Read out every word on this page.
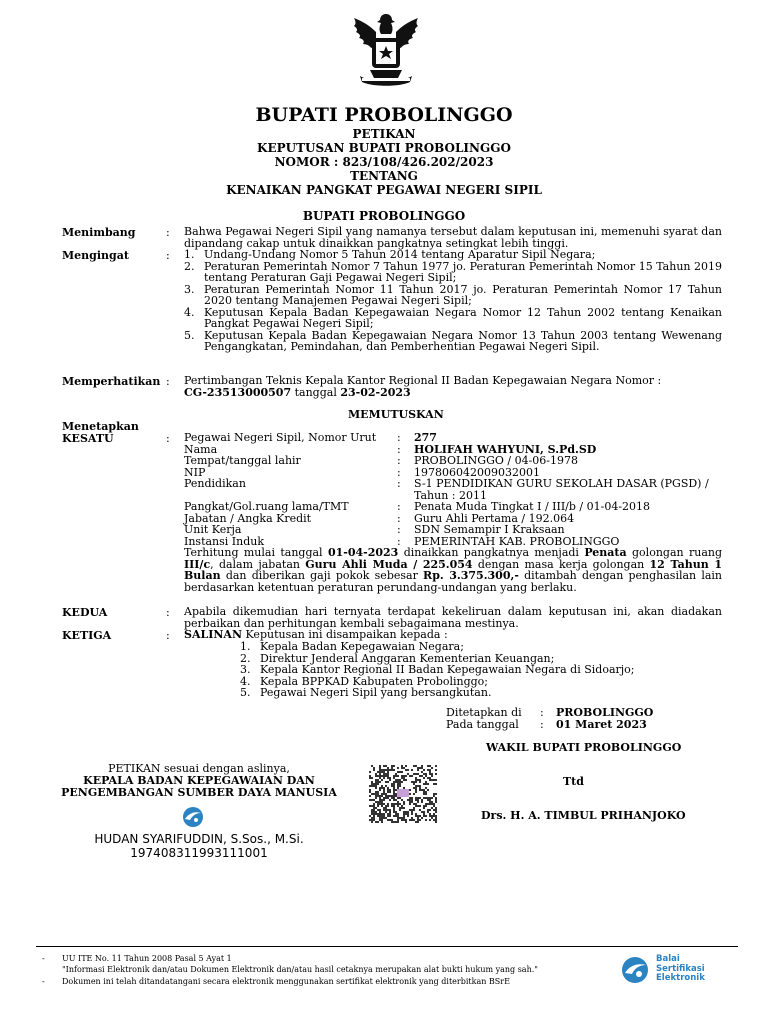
BUPATI PROBOLINGGO
PETIKAN
KEPUTUSAN BUPATI PROBOLINGGO
NOMOR : 823/108/426.202/2023
TENTANG
KENAIKAN PANGKAT PEGAWAI NEGERI SIPIL
BUPATI PROBOLINGGO
Menimbang	: Bahwa Pegawai Negeri Sipil yang namanya tersebut dalam keputusan ini, memenuhi syarat dan dipandang cakap untuk dinaikkan pangkatnya setingkat lebih tinggi.
Mengingat	: 1. Undang-Undang Nomor 5 Tahun 2014 tentang Aparatur Sipil Negara;
2. Peraturan Pemerintah Nomor 7 Tahun 1977 jo. Peraturan Pemerintah Nomor 15 Tahun 2019 tentang Peraturan Gaji Pegawai Negeri Sipil;
3. Peraturan Pemerintah Nomor 11 Tahun 2017 jo. Peraturan Pemerintah Nomor 17 Tahun 2020 tentang Manajemen Pegawai Negeri Sipil;
4. Keputusan Kepala Badan Kepegawaian Negara Nomor 12 Tahun 2002 tentang Kenaikan Pangkat Pegawai Negeri Sipil;
5. Keputusan Kepala Badan Kepegawaian Negara Nomor 13 Tahun 2003 tentang Wewenang Pengangkatan, Pemindahan, dan Pemberhentian Pegawai Negeri Sipil.
Memperhatikan : Pertimbangan Teknis Kepala Kantor Regional II Badan Kepegawaian Negara Nomor :
CG-23513000507 tanggal 23-02-2023
MEMUTUSKAN
Menetapkan
KESATU	: Pegawai Negeri Sipil, Nomor Urut	:	277
Nama	:	HOLIFAH WAHYUNI, S.Pd.SD
Tempat/tanggal lahir	:	PROBOLINGGO / 04-06-1978
NIP	:	197806042009032001
Pendidikan	:	S-1 PENDIDIKAN GURU SEKOLAH DASAR (PGSD) / Tahun : 2011
Pangkat/Gol.ruang lama/TMT	:	Penata Muda Tingkat I / III/b / 01-04-2018
Jabatan / Angka Kredit	:	Guru Ahli Pertama / 192.064
Unit Kerja	:	SDN Semampir I Kraksaan
Instansi Induk	:	PEMERINTAH KAB. PROBOLINGGO
Terhitung mulai tanggal 01-04-2023 dinaikkan pangkatnya menjadi Penata golongan ruang III/c, dalam jabatan Guru Ahli Muda / 225.054 dengan masa kerja golongan 12 Tahun 1 Bulan dan diberikan gaji pokok sebesar Rp. 3.375.300,- ditambah dengan penghasilan lain berdasarkan ketentuan peraturan perundang-undangan yang berlaku.
KEDUA	: Apabila dikemudian hari ternyata terdapat kekeliruan dalam keputusan ini, akan diadakan perbaikan dan perhitungan kembali sebagaimana mestinya.
KETIGA	: SALINAN Keputusan ini disampaikan kepada :
1. Kepala Badan Kepegawaian Negara;
2. Direktur Jenderal Anggaran Kementerian Keuangan;
3. Kepala Kantor Regional II Badan Kepegawaian Negara di Sidoarjo;
4. Kepala BPPKAD Kabupaten Probolinggo;
5. Pegawai Negeri Sipil yang bersangkutan.
Ditetapkan di : PROBOLINGGO
Pada tanggal : 01 Maret 2023
WAKIL BUPATI PROBOLINGGO
Ttd
Drs. H. A. TIMBUL PRIHANJOKO
PETIKAN sesuai dengan aslinya,
KEPALA BADAN KEPEGAWAIAN DAN
PENGEMBANGAN SUMBER DAYA MANUSIA
HUDAN SYARIFUDDIN, S.Sos., M.Si.
197408311993111001
- UU ITE No. 11 Tahun 2008 Pasal 5 Ayat 1
"Informasi Elektronik dan/atau Dokumen Elektronik dan/atau hasil cetaknya merupakan alat bukti hukum yang sah."
- Dokumen ini telah ditandatangani secara elektronik menggunakan sertifikat elektronik yang diterbitkan BSrE
Balai
Sertifikasi
Elektronik
